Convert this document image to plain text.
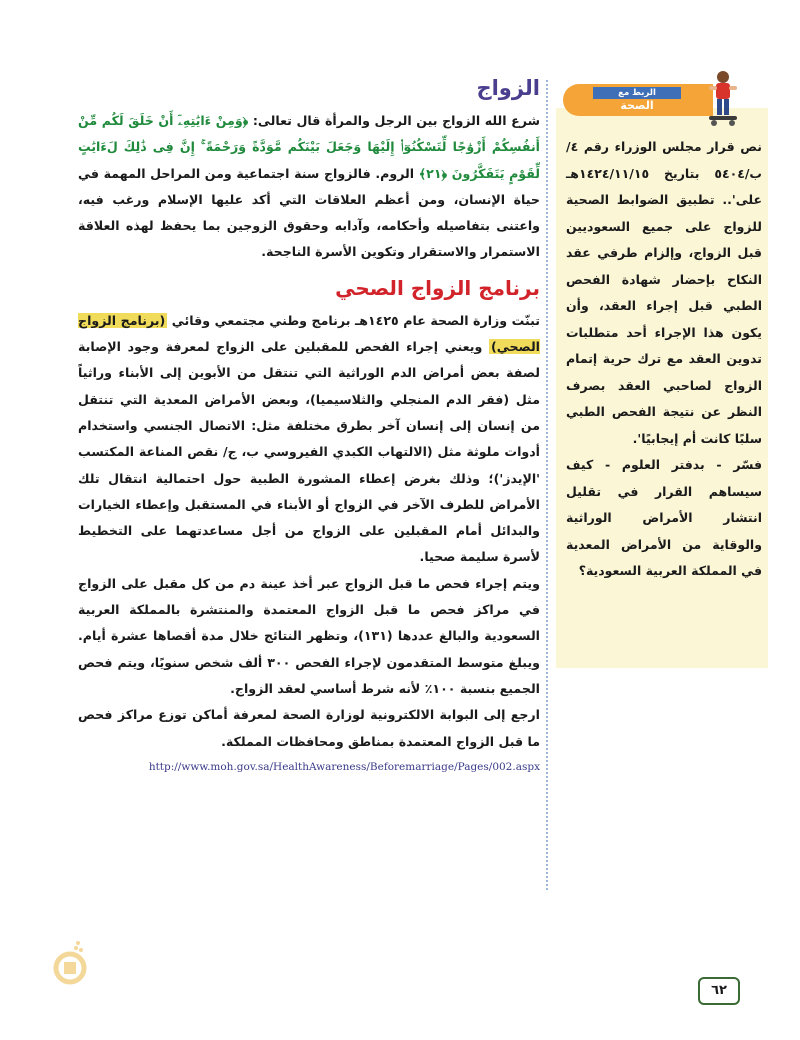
الزواج

شرع الله الزواج بين الرجل والمرأة قال تعالى: ﴿وَمِنْ ءَايَٰتِهِۦٓ أَنْ خَلَقَ لَكُم مِّنْ أَنفُسِكُمْ أَزْوَٰجًا لِّتَسْكُنُوٓا۟ إِلَيْهَا وَجَعَلَ بَيْنَكُم مَّوَدَّةً وَرَحْمَةً ۚ إِنَّ فِى ذَٰلِكَ لَءَايَٰتٍ لِّقَوْمٍ يَتَفَكَّرُونَ ﴿٢١﴾ الروم. فالزواج سنة اجتماعية ومن المراحل المهمة في حياة الإنسان، ومن أعظم العلاقات التي أكد عليها الإسلام ورغب فيه، واعتنى بتفاصيله وأحكامه، وآدابه وحقوق الزوجين بما يحفظ لهذه العلاقة الاستمرار والاستقرار وتكوين الأسرة الناجحة.

برنامج الزواج الصحي

تبنّت وزارة الصحة عام ١٤٢٥هـ برنامج وطني مجتمعي وقائي (برنامج الزواج الصحي) ويعني إجراء الفحص للمقبلين على الزواج لمعرفة وجود الإصابة لصفة بعض أمراض الدم الوراثية التي تنتقل من الأبوين إلى الأبناء وراثياً مثل (فقر الدم المنجلي والثلاسيميا)، وبعض الأمراض المعدية التي تنتقل من إنسان إلى إنسان آخر بطرق مختلفة مثل: الاتصال الجنسي واستخدام أدوات ملوثة مثل (الالتهاب الكبدي الفيروسي ب، ج/ نقص المناعة المكتسب 'الإيدز')؛ وذلك بغرض إعطاء المشورة الطبية حول احتمالية انتقال تلك الأمراض للطرف الآخر في الزواج أو الأبناء في المستقبل وإعطاء الخيارات والبدائل أمام المقبلين على الزواج من أجل مساعدتهما على التخطيط لأسرة سليمة صحيا.

ويتم إجراء فحص ما قبل الزواج عبر أخذ عينة دم من كل مقبل على الزواج في مراكز فحص ما قبل الزواج المعتمدة والمنتشرة بالمملكة العربية السعودية والبالغ عددها (١٣١)، وتظهر النتائج خلال مدة أقصاها عشرة أيام. ويبلغ متوسط المتقدمون لإجراء الفحص ٣٠٠ ألف شخص سنويًا، ويتم فحص الجميع بنسبة ١٠٠٪ لأنه شرط أساسي لعقد الزواج.

ارجع إلى البوابة الالكترونية لوزارة الصحة لمعرفة أماكن توزع مراكز فحص ما قبل الزواج المعتمدة بمناطق ومحافظات المملكة.

http://www.moh.gov.sa/HealthAwareness/Beforemarriage/Pages/002.aspx
الربط مع
الصحة
نص قرار مجلس الوزراء رقم ٤/ب/٥٤٠٤ بتاريخ ١٤٢٤/١١/١٥هـ على'.. تطبيق الضوابط الصحية للزواج على جميع السعوديين قبل الزواج، وإلزام طرفي عقد النكاح بإحضار شهادة الفحص الطبي قبل إجراء العقد، وأن يكون هذا الإجراء أحد متطلبات تدوين العقد مع ترك حرية إتمام الزواج لصاحبي العقد بصرف النظر عن نتيجة الفحص الطبي سلبًا كانت أم إيجابيًا'.
فسّر - بدفتر العلوم - كيف سيساهم القرار في تقليل انتشار الأمراض الوراثية والوقاية من الأمراض المعدية في المملكة العربية السعودية؟
٦٢
